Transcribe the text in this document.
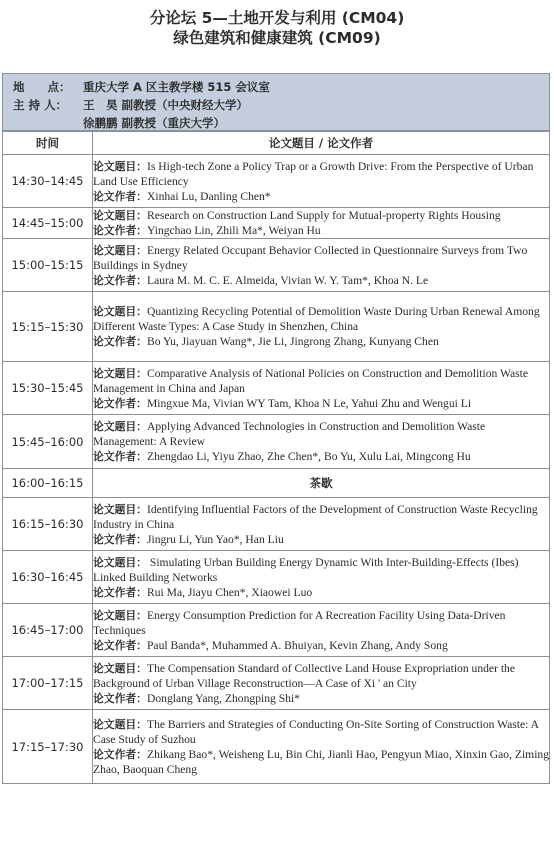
分论坛 5—土地开发与利用 (CM04)
绿色建筑和健康建筑 (CM09)
地　　点： 重庆大学 A 区主教学楼 515 会议室
主 持 人： 王　昊 副教授（中央财经大学）
徐鹏鹏 副教授（重庆大学）
时间	论文题目 / 论文作者
14:30–14:45	论文题目：Is High-tech Zone a Policy Trap or a Growth Drive: From the Perspective of Urban Land Use Efficiency
论文作者：Xinhai Lu, Danling Chen*

14:45–15:00	论文题目：Research on Construction Land Supply for Mutual-property Rights Housing
论文作者：Yingchao Lin, Zhili Ma*, Weiyan Hu

15:00–15:15	论文题目：Energy Related Occupant Behavior Collected in Questionnaire Surveys from Two Buildings in Sydney
论文作者：Laura M. M. C. E. Almeida, Vivian W. Y. Tam*, Khoa N. Le

15:15–15:30	论文题目：Quantizing Recycling Potential of Demolition Waste During Urban Renewal Among Different Waste Types: A Case Study in Shenzhen, China
论文作者：Bo Yu, Jiayuan Wang*, Jie Li, Jingrong Zhang, Kunyang Chen

15:30–15:45	论文题目：Comparative Analysis of National Policies on Construction and Demolition Waste Management in China and Japan
论文作者：Mingxue Ma, Vivian WY Tam, Khoa N Le, Yahui Zhu and Wengui Li

15:45–16:00	论文题目：Applying Advanced Technologies in Construction and Demolition Waste Management: A Review
论文作者：Zhengdao Li, Yiyu Zhao, Zhe Chen*, Bo Yu, Xulu Lai, Mingcong Hu

16:00–16:15	茶歇
16:15–16:30	论文题目：Identifying Influential Factors of the Development of Construction Waste Recycling Industry in China
论文作者：Jingru Li, Yun Yao*, Han Liu

16:30–16:45	论文题目： Simulating Urban Building Energy Dynamic With Inter-Building-Effects (Ibes) Linked Building Networks
论文作者：Rui Ma, Jiayu Chen*, Xiaowei Luo

16:45–17:00	论文题目：Energy Consumption Prediction for A Recreation Facility Using Data-Driven Techniques
论文作者：Paul Banda*, Muhammed A. Bhuiyan, Kevin Zhang, Andy Song

17:00–17:15	论文题目：The Compensation Standard of Collective Land House Expropriation under the Background of Urban Village Reconstruction—A Case of Xi ' an City
论文作者：Donglang Yang, Zhongping Shi*

17:15–17:30	论文题目：The Barriers and Strategies of Conducting On-Site Sorting of Construction Waste: A Case Study of Suzhou
论文作者：Zhikang Bao*, Weisheng Lu, Bin Chi, Jianli Hao, Pengyun Miao, Xinxin Gao, Ziming Zhao, Baoquan Cheng
